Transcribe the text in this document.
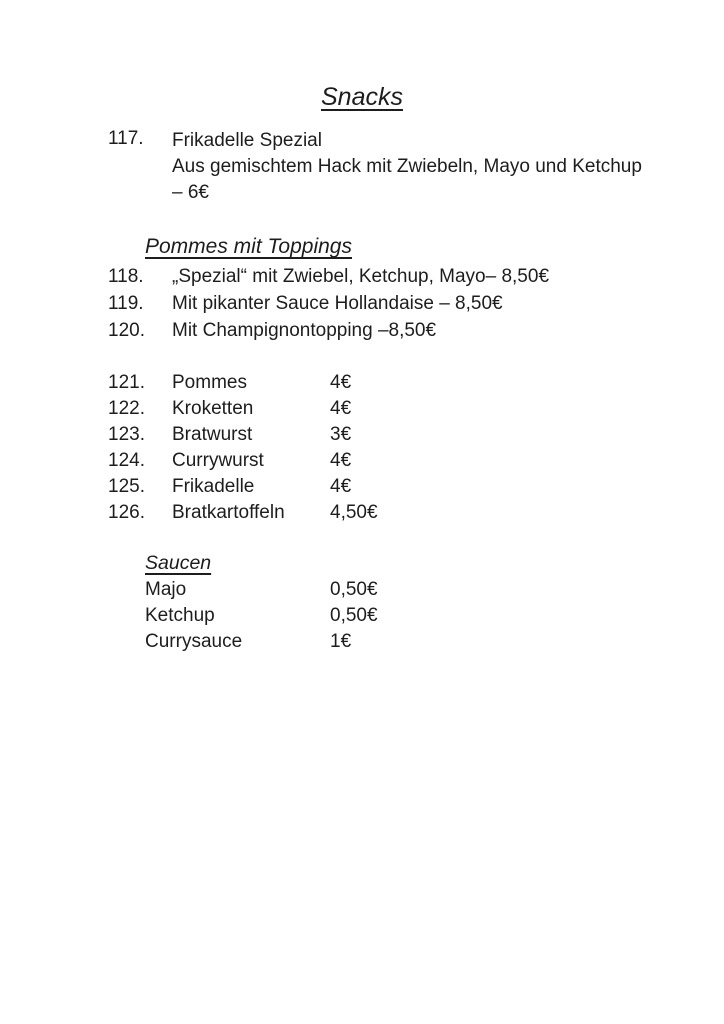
Snacks
117.	Frikadelle Spezial
Aus gemischtem Hack mit Zwiebeln, Mayo und Ketchup
– 6€
Pommes mit Toppings
118.	„Spezial“ mit Zwiebel, Ketchup, Mayo– 8,50€
119.	Mit pikanter Sauce Hollandaise – 8,50€
120.	Mit Champignontopping –8,50€
121.	Pommes	4€
122.	Kroketten	4€
123.	Bratwurst	3€
124.	Currywurst	4€
125.	Frikadelle	4€
126.	Bratkartoffeln	4,50€
Saucen
Majo	0,50€
Ketchup	0,50€
Currysauce	1€
